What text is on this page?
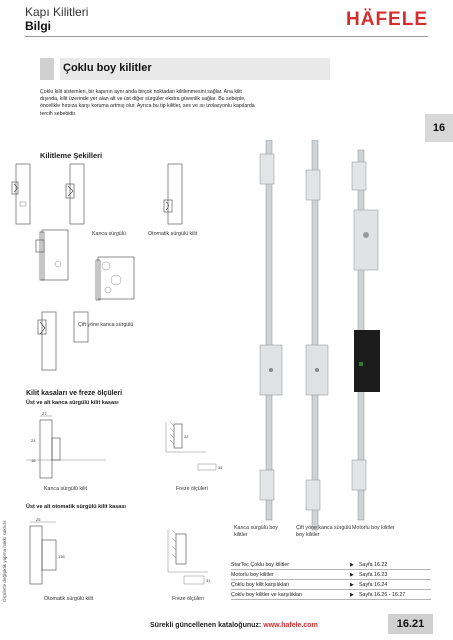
Kapı Kilitleri
Bilgi	HÄFELE
Çoklu boy kilitler
Çoklu kilit sistemleri, bir kapının aynı anda birçok noktadan kilitlenmesini sağlar. Ana kilit dışında, kilit üzerinde yer alan alt ve üst diğer sürgüler ekstra güvenlik sağlar. Bu sebeple, öncelikle hırsıza karşı koruma artmış olur. Ayrıca bu tip kilitler, ses ve ısı izolasyonlu kapılarda tercih sebebidir.
16
Kilitleme Şekilleri
Kanca sürgülü	Otomatik sürgülü kilit
Çift yöne kanca sürgülü
Kilit kasaları ve freze ölçüleri
Üst ve alt kanca sürgülü kilit kasası
27
24
16
22
34
Kanca sürgülü kilit	Freze ölçüleri
Üst ve alt otomatik sürgülü kilit kasası
25
136
31
Otomatik sürgülü kilit	Freze ölçüleri
Kanca sürgülü boy kilitler
Çift yöne kanca sürgülü boy kilitler
Motorlu boy kilitler
StarTec Çoklu boy kilitler	▶ Sayfa 16.22
Motorlu boy kilitler	▶ Sayfa 16.23
Çoklu boy kilit karşılıkları	▶ Sayfa 16.24
Çoklu boy kilitler ve karşılıkları	▶ Sayfa 16.26 - 16.27
Ölçülerle değişiklik yapma hakkı saklıdır.
Sürekli güncellenen kataloğunuz: www.hafele.com	16.21
